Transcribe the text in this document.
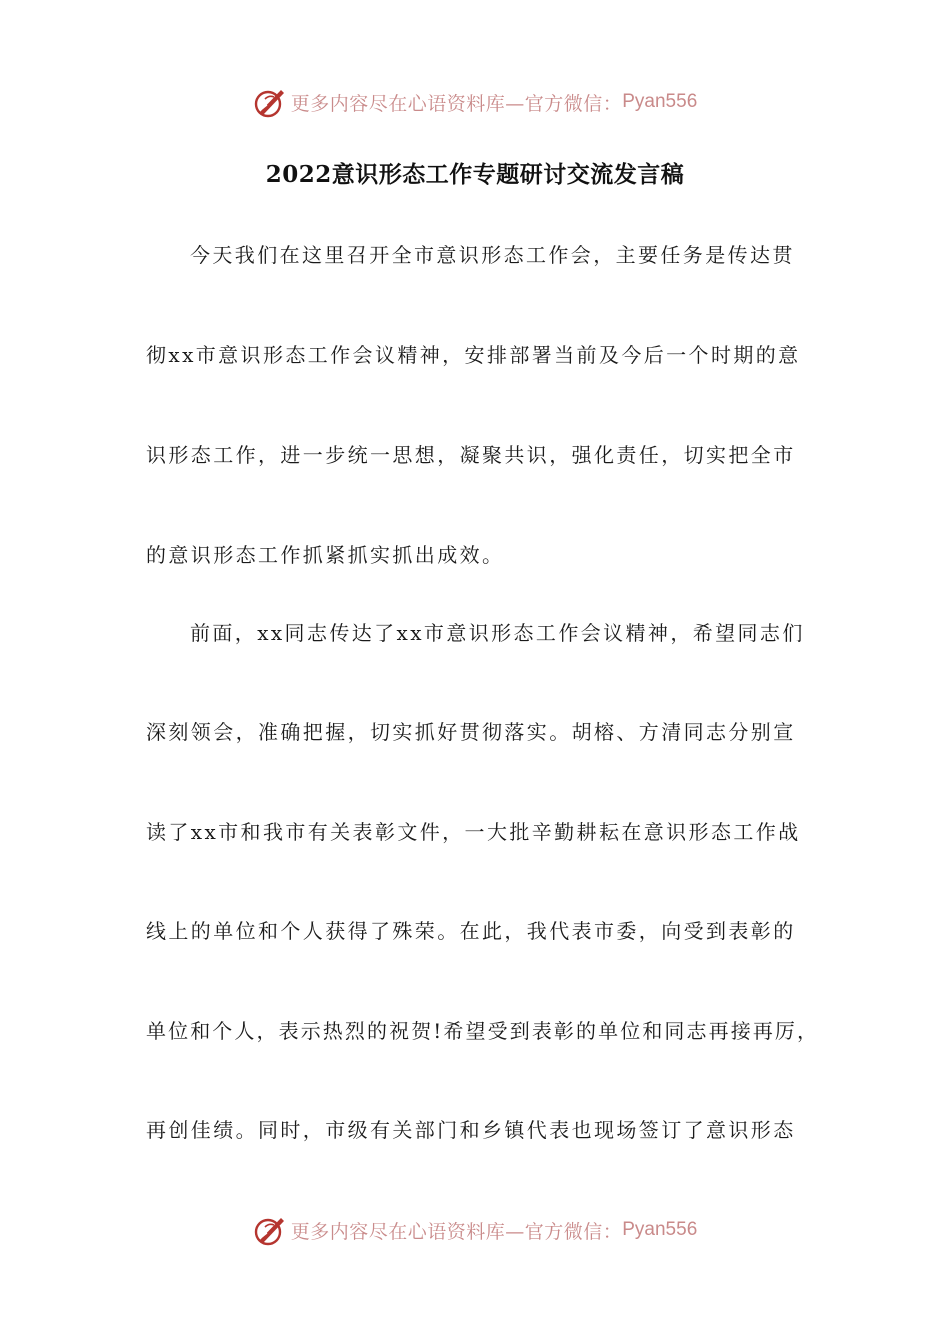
更多内容尽在心语资料库—官方微信： Pyan556
2022意识形态工作专题研讨交流发言稿
今天我们在这里召开全市意识形态工作会，主要任务是传达贯
彻xx市意识形态工作会议精神，安排部署当前及今后一个时期的意
识形态工作，进一步统一思想，凝聚共识，强化责任，切实把全市
的意识形态工作抓紧抓实抓出成效。
前面，xx同志传达了xx市意识形态工作会议精神，希望同志们
深刻领会，准确把握，切实抓好贯彻落实。胡榕、方清同志分别宣
读了xx市和我市有关表彰文件，一大批辛勤耕耘在意识形态工作战
线上的单位和个人获得了殊荣。在此，我代表市委，向受到表彰的
单位和个人，表示热烈的祝贺!希望受到表彰的单位和同志再接再厉，
再创佳绩。同时，市级有关部门和乡镇代表也现场签订了意识形态
更多内容尽在心语资料库—官方微信： Pyan556
